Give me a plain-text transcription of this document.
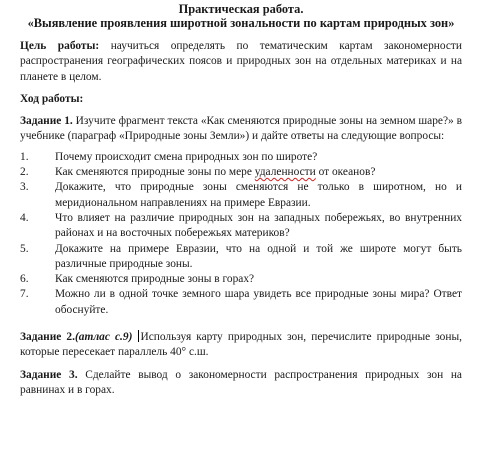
Практическая работа.
«Выявление проявления широтной зональности по картам природных зон»

Цель работы: научиться определять по тематическим картам закономерности распространения географических поясов и природных зон на отдельных материках и на планете в целом.

Ход работы:

Задание 1. Изучите фрагмент текста «Как сменяются природные зоны на земном шаре?» в учебнике (параграф «Природные зоны Земли») и дайте ответы на следующие вопросы:

1.	Почему происходит смена природных зон по широте?
2.	Как сменяются природные зоны по мере удаленности от океанов?
3.	Докажите, что природные зоны сменяются не только в широтном, но и меридиональном направлениях на примере Евразии.
4.	Что влияет на различие природных зон на западных побережьях, во внутренних районах и на восточных побережьях материков?
5.	Докажите на примере Евразии, что на одной и той же широте могут быть различные природные зоны.
6.	Как сменяются природные зоны в горах?
7.	Можно ли в одной точке земного шара увидеть все природные зоны мира? Ответ обоснуйте.

Задание 2.(атлас с.9) Используя карту природных зон, перечислите природные зоны, которые пересекает параллель 40° с.ш.

Задание 3. Сделайте вывод о закономерности распространения природных зон на равнинах и в горах.
